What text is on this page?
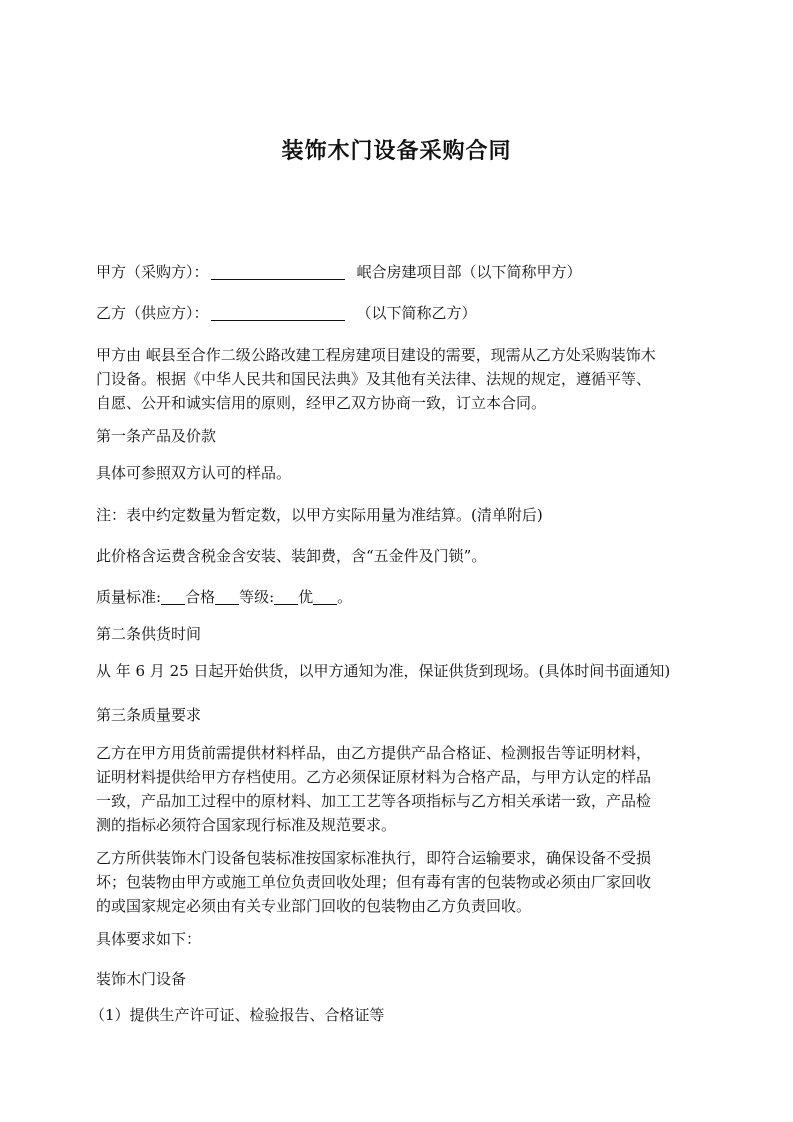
装饰木门设备采购合同
甲方（采购方）：	岷合房建项目部（以下简称甲方）
乙方（供应方）：	（以下简称乙方）
甲方由 岷县至合作二级公路改建工程房建项目建设的需要，现需从乙方处采购装饰木
门设备。根据《中华人民共和国民法典》及其他有关法律、法规的规定，遵循平等、
自愿、公开和诚实信用的原则，经甲乙双方协商一致，订立本合同。
第一条产品及价款
具体可参照双方认可的样品。
注：表中约定数量为暂定数，以甲方实际用量为准结算。(清单附后)
此价格含运费含税金含安装、装卸费，含“五金件及门锁”。
质量标准: 合格 等级: 优 。
第二条供货时间
从 年 6 月 25 日起开始供货，以甲方通知为准，保证供货到现场。(具体时间书面通知)
第三条质量要求
乙方在甲方用货前需提供材料样品，由乙方提供产品合格证、检测报告等证明材料，
证明材料提供给甲方存档使用。乙方必须保证原材料为合格产品，与甲方认定的样品
一致，产品加工过程中的原材料、加工工艺等各项指标与乙方相关承诺一致，产品检
测的指标必须符合国家现行标准及规范要求。
乙方所供装饰木门设备包装标准按国家标准执行，即符合运输要求，确保设备不受损
坏；包装物由甲方或施工单位负责回收处理；但有毒有害的包装物或必须由厂家回收
的或国家规定必须由有关专业部门回收的包装物由乙方负责回收。
具体要求如下：
装饰木门设备
（1）提供生产许可证、检验报告、合格证等
